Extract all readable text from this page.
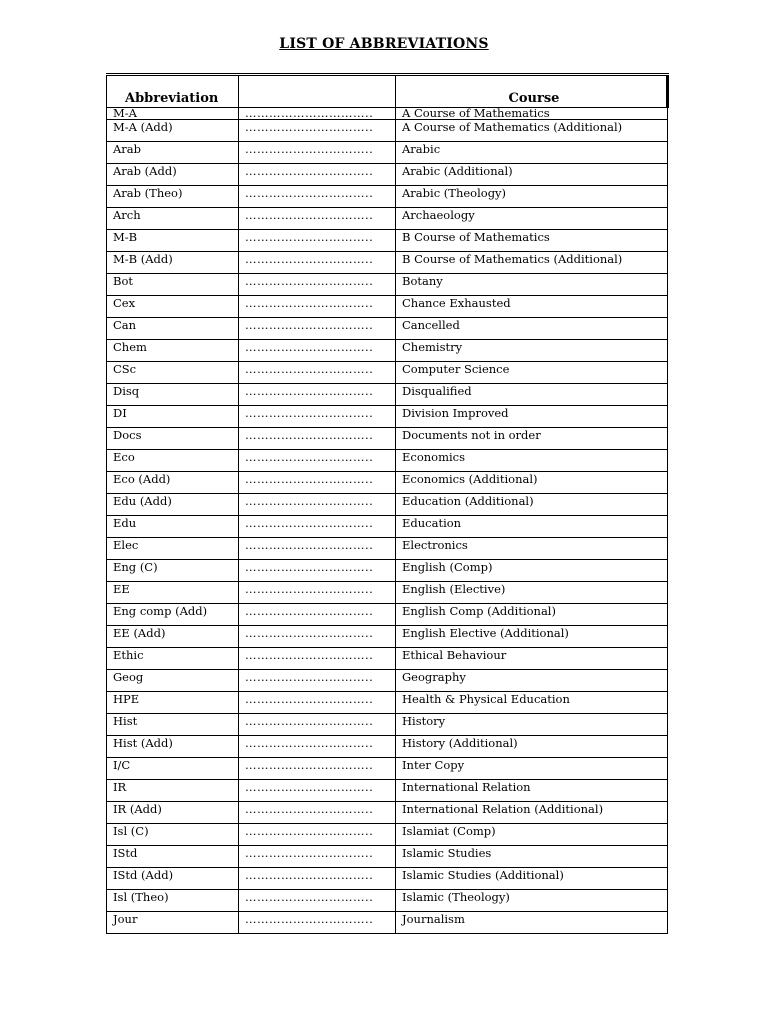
LIST OF ABBREVIATIONS
Abbreviation		Course
M-A	…………………………..	A Course of Mathematics
M-A (Add)	…………………………..	A Course of Mathematics (Additional)
Arab	…………………………..	Arabic
Arab (Add)	…………………………..	Arabic (Additional)
Arab (Theo)	…………………………..	Arabic (Theology)
Arch	…………………………..	Archaeology
M-B	…………………………..	B Course of Mathematics
M-B (Add)	…………………………..	B Course of Mathematics (Additional)
Bot	…………………………..	Botany
Cex	…………………………..	Chance Exhausted
Can	…………………………..	Cancelled
Chem	…………………………..	Chemistry
CSc	…………………………..	Computer Science
Disq	…………………………..	Disqualified
DI	…………………………..	Division Improved
Docs	…………………………..	Documents not in order
Eco	…………………………..	Economics
Eco (Add)	…………………………..	Economics (Additional)
Edu (Add)	…………………………..	Education (Additional)
Edu	…………………………..	Education
Elec	…………………………..	Electronics
Eng (C)	…………………………..	English (Comp)
EE	…………………………..	English (Elective)
Eng comp (Add)	…………………………..	English Comp (Additional)
EE (Add)	…………………………..	English Elective (Additional)
Ethic	…………………………..	Ethical Behaviour
Geog	…………………………..	Geography
HPE	…………………………..	Health & Physical Education
Hist	…………………………..	History
Hist (Add)	…………………………..	History (Additional)
I/C	…………………………..	Inter Copy
IR	…………………………..	International Relation
IR (Add)	…………………………..	International Relation (Additional)
Isl (C)	…………………………..	Islamiat (Comp)
IStd	…………………………..	Islamic Studies
IStd (Add)	…………………………..	Islamic Studies (Additional)
Isl (Theo)	…………………………..	Islamic (Theology)
Jour	…………………………..	Journalism
